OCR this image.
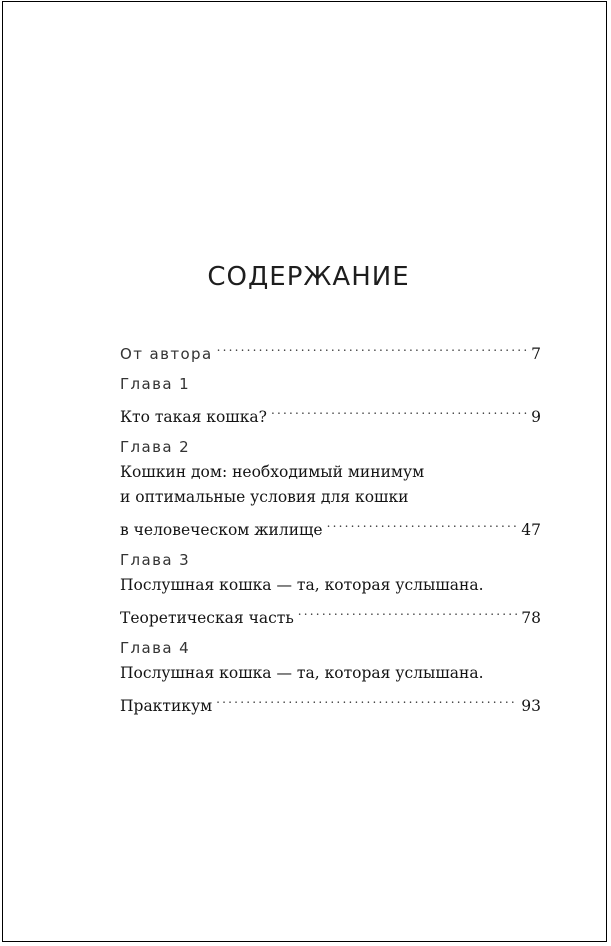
СОДЕРЖАНИЕ
От автора .....	7
Глава 1
Кто такая кошка? .....	9
Глава 2
Кошкин дом: необходимый минимум
и оптимальные условия для кошки
в человеческом жилище .....	47
Глава 3
Послушная кошка — та, которая услышана.
Теоретическая часть .....	78
Глава 4
Послушная кошка — та, которая услышана.
Практикум .....	93
